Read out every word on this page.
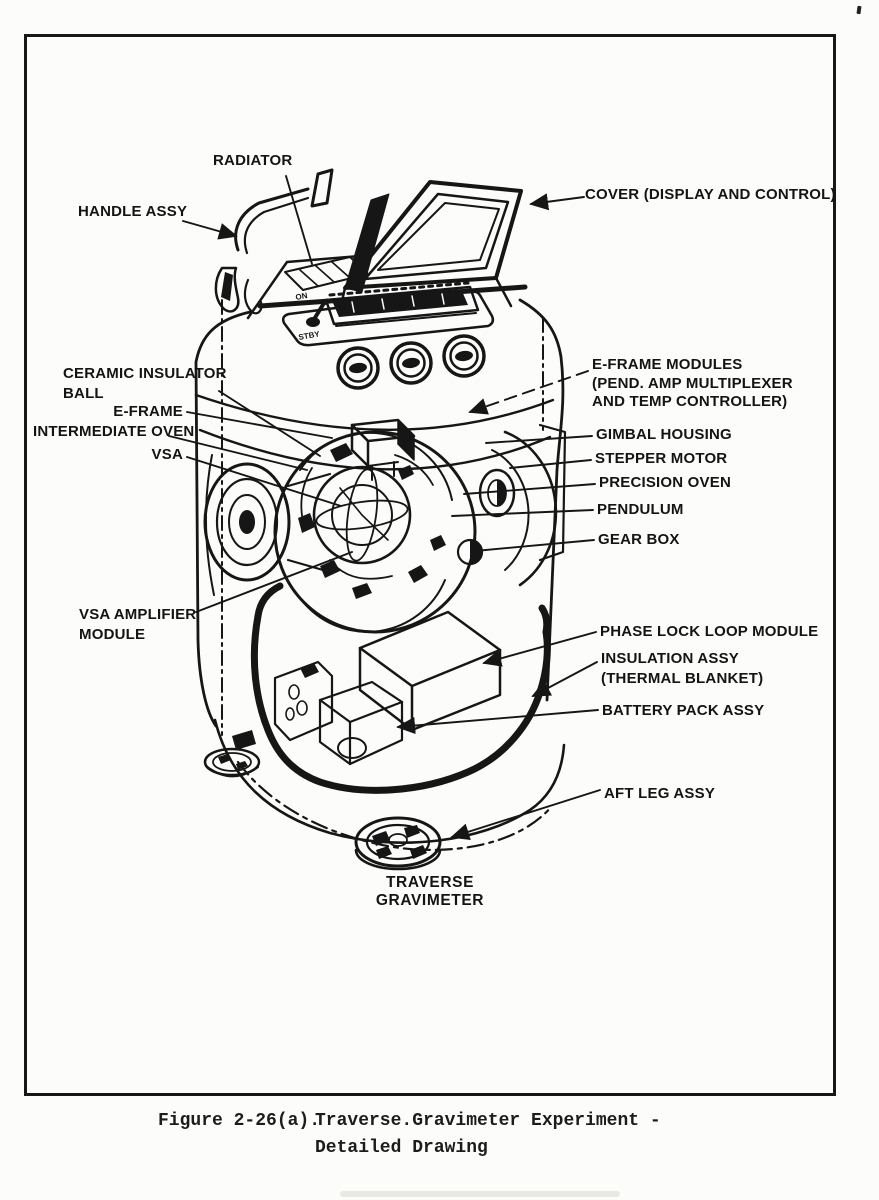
ON
STBY
RADIATOR
HANDLE ASSY
COVER (DISPLAY AND CONTROL)
CERAMIC INSULATOR
BALL
E-FRAME
INTERMEDIATE OVEN
VSA
VSA AMPLIFIER
MODULE
E-FRAME MODULES
(PEND. AMP MULTIPLEXER
AND TEMP CONTROLLER)
GIMBAL HOUSING
STEPPER MOTOR
PRECISION OVEN
PENDULUM
GEAR BOX
PHASE LOCK LOOP MODULE
INSULATION ASSY
(THERMAL BLANKET)
BATTERY PACK ASSY
AFT LEG ASSY
TRAVERSE GRAVIMETER
Figure 2-26(a).
Traverse.Gravimeter Experiment -
Detailed Drawing
